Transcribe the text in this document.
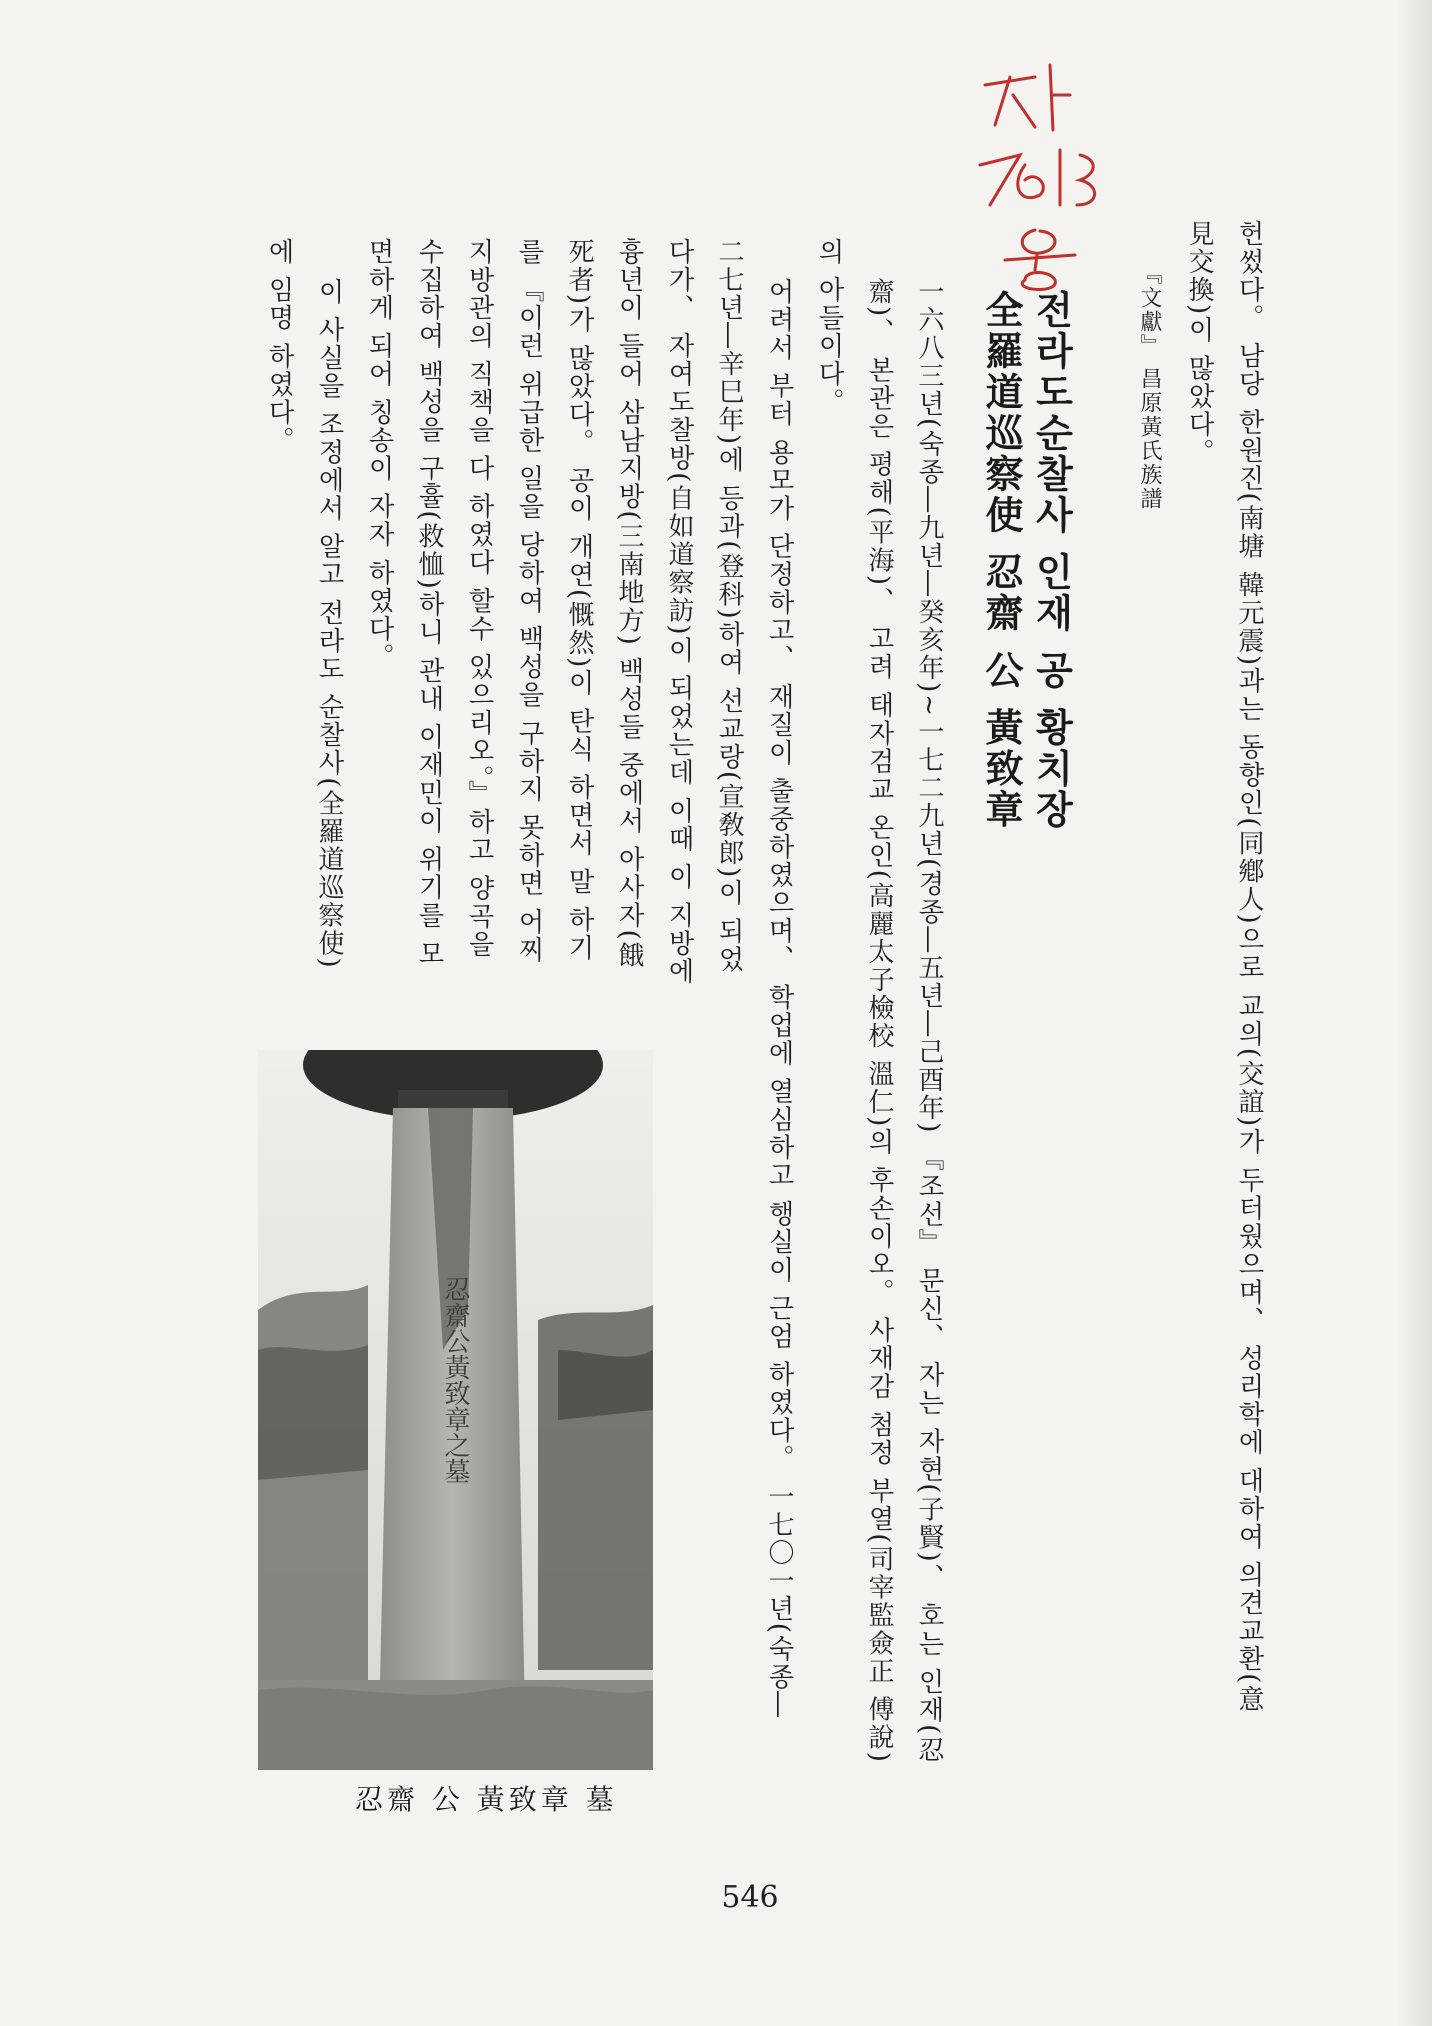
헌썼다。 남당 한원진(南塘 韓元震)과는 동향인(同鄕人)으로 교의(交誼)가 두터웠으며、 성리학에 대하여 의견교환(意
見交換)이 많았다。
『文獻』 昌原黃氏族譜
전라도순찰사 인재 공 황치장
全羅道巡察使 忍齋 公 黃致章
一六八三년(숙종―九년―癸亥年)~一七二九년(경종―五년―己酉年) 『조선』 문신、 자는 자현(子賢)、 호는 인재(忍
齋)、 본관은 평해(平海)、 고려 태자검교 온인(高麗太子檢校 溫仁)의 후손이오。 사재감 첨정 부열(司宰監僉正 傅說)
의 아들이다。
어려서 부터 용모가 단정하고、 재질이 출중하였으며、 학업에 열심하고 행실이 근엄 하였다。 一七〇一년(숙종―
二七년―辛巳年)에 등과(登科)하여 선교랑(宣敎郎)이 되었
다가、 자여도찰방(自如道察訪)이 되었는데 이때 이 지방에
흉년이 들어 삼남지방(三南地方) 백성들 중에서 아사자(餓
死者)가 많았다。 공이 개연(慨然)이 탄식 하면서 말 하기
를 『이런 위급한 일을 당하여 백성을 구하지 못하면 어찌
지방관의 직책을 다 하였다 할수 있으리오。』하고 양곡을
수집하여 백성을 구휼(救恤)하니 관내 이재민이 위기를 모
면하게 되어 칭송이 자자 하였다。
이 사실을 조정에서 알고 전라도 순찰사(全羅道巡察使)
에 임명 하였다。
忍齋公黃致章之墓
忍齋 公 黃致章 墓
546
